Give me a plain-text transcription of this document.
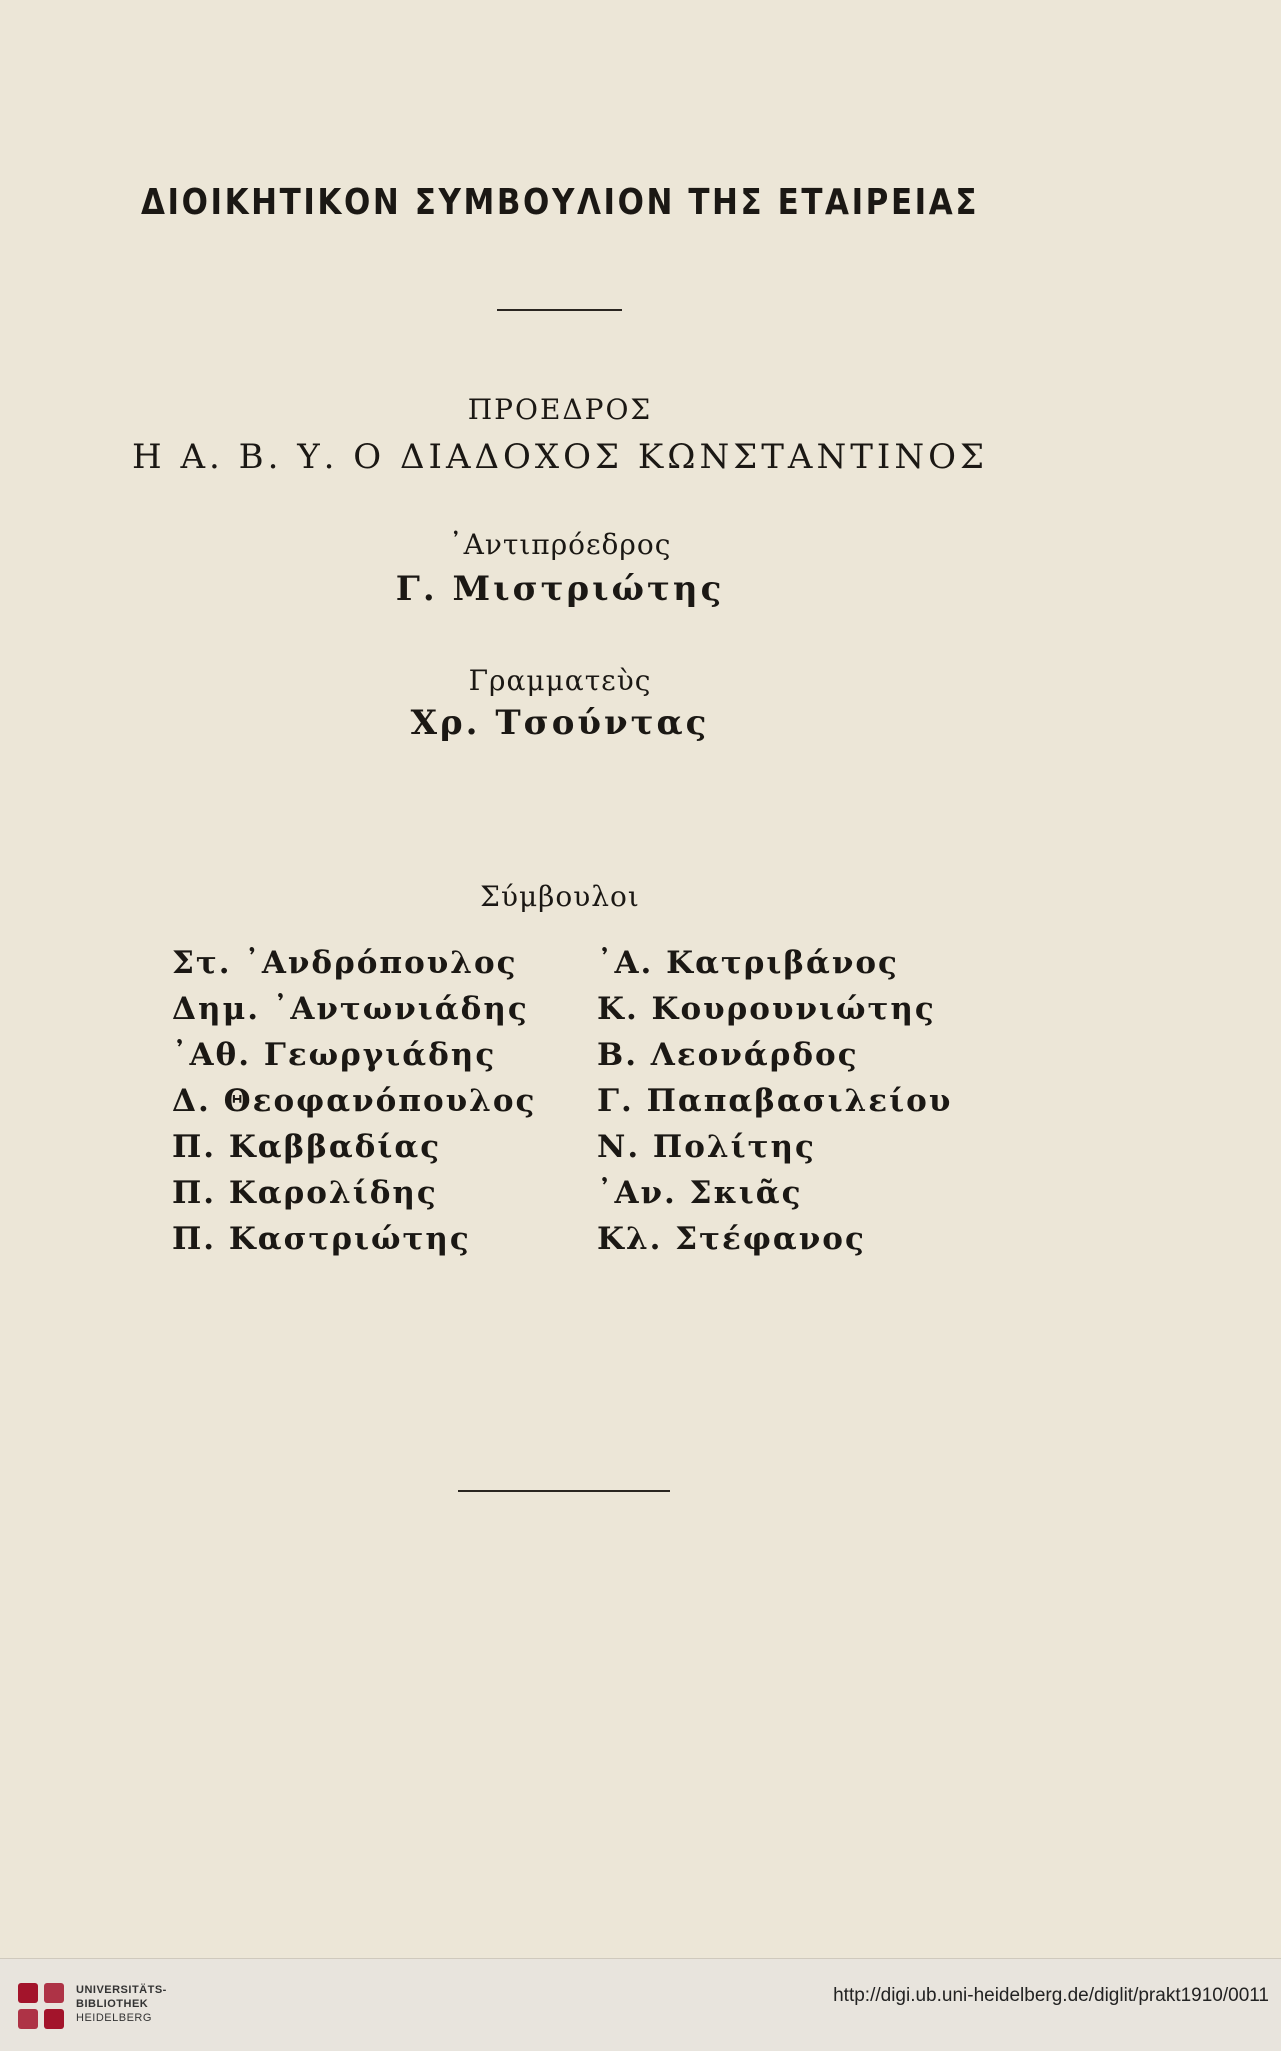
ΔΙΟΙΚΗΤΙΚΟΝ ΣΥΜΒΟΥΛΙΟΝ ΤΗΣ ΕΤΑΙΡΕΙΑΣ
ΠΡΟΕΔΡΟΣ
Η Α. Β. Υ. Ο ΔΙΑΔΟΧΟΣ ΚΩΝΣΤΑΝΤΙΝΟΣ
᾿Αντιπρόεδρος
Γ. Μιστριώτης
Γραμματεὺς
Χρ. Τσούντας
Σύμβουλοι
Στ. ᾿Ανδρόπουλος
Δημ. ᾿Αντωνιάδης
᾿Αθ. Γεωργιάδης
Δ. Θεοφανόπουλος
Π. Καββαδίας
Π. Καρολίδης
Π. Καστριώτης
᾿Α. Κατριβάνος
Κ. Κουρουνιώτης
Β. Λεονάρδος
Γ. Παπαβασιλείου
Ν. Πολίτης
᾿Αν. Σκιᾶς
Κλ. Στέφανος
UNIVERSITÄTS-
BIBLIOTHEK
HEIDELBERG
http://digi.ub.uni-heidelberg.de/diglit/prakt1910/0011
